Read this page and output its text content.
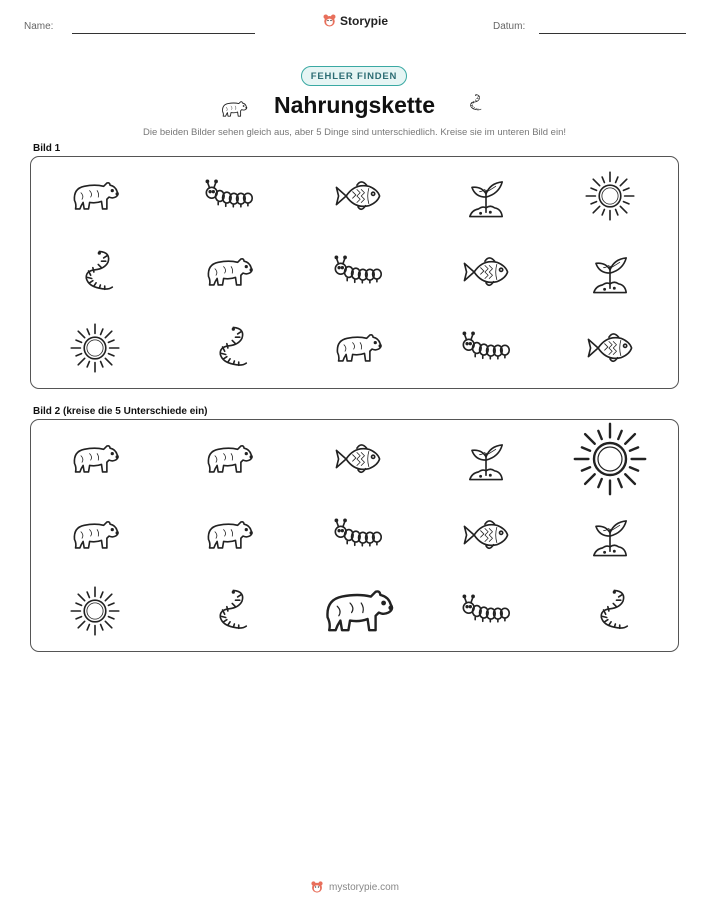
Name:	Storypie	Datum:
FEHLER FINDEN
Nahrungskette
Die beiden Bilder sehen gleich aus, aber 5 Dinge sind unterschiedlich. Kreise sie im unteren Bild ein!
Bild 1
Bild 2 (kreise die 5 Unterschiede ein)
mystorypie.com
